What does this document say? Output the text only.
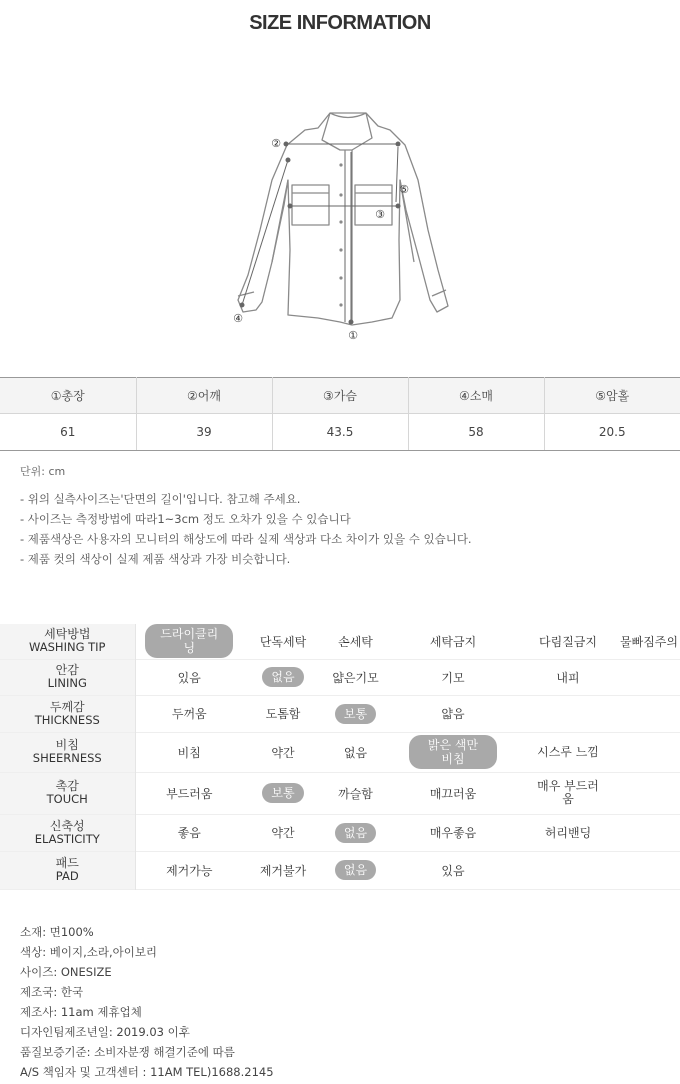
SIZE INFORMATION
①
②
③
④
⑤
①총장	②어깨	③가슴	④소매	⑤암홀
61	39	43.5	58	20.5
단위: cm
- 위의 실측사이즈는'단면의 길이'입니다. 참고해 주세요.
- 사이즈는 측정방법에 따라1~3cm 정도 오차가 있을 수 있습니다
- 제품색상은 사용자의 모니터의 해상도에 따라 실제 색상과 다소 차이가 있을 수 있습니다.
- 제품 컷의 색상이 실제 제품 색상과 가장 비슷합니다.
세탁방법
WASHING TIP	드라이클리닝	단독세탁	손세탁	세탁금지	다림질금지	물빠짐주의

안감
LINING	있음	없음	얇은기모	기모	내피	

두께감
THICKNESS	두꺼움	도톰함	보통	얇음		

비침
SHEERNESS	비침	약간	없음	밝은 색만 비침	시스루 느낌	

촉감
TOUCH	부드러움	보통	까슬함	매끄러움	매우 부드러움	

신축성
ELASTICITY	좋음	약간	없음	매우좋음	허리밴딩	

패드
PAD	제거가능	제거불가	없음	있음		
소재: 면100%
색상: 베이지,소라,아이보리
사이즈: ONESIZE
제조국: 한국
제조사: 11am 제휴업체
디자인팀제조년일: 2019.03 이후
품질보증기준: 소비자분쟁 해결기준에 따름
A/S 책임자 및 고객센터 : 11AM TEL)1688.2145
